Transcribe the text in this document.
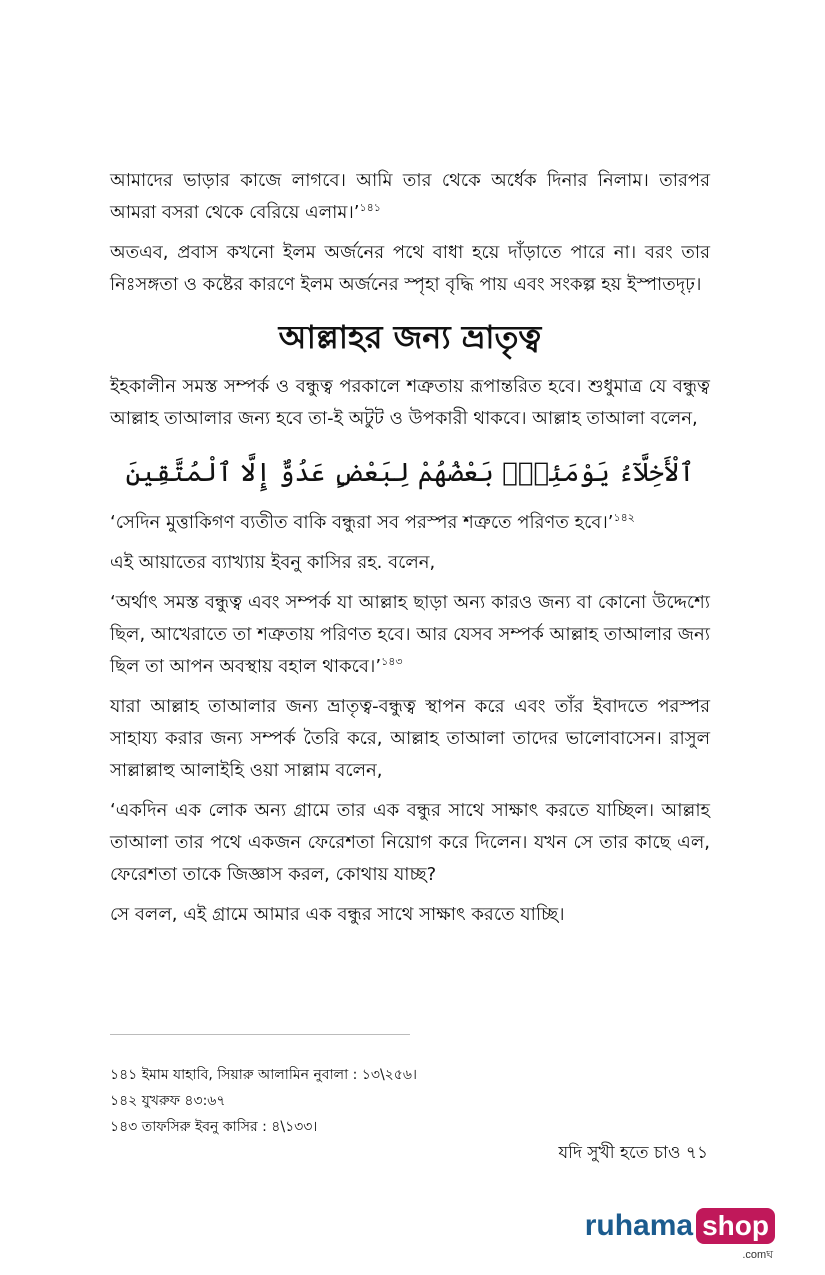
আমাদের ভাড়ার কাজে লাগবে। আমি তার থেকে অর্ধেক দিনার নিলাম। তারপর আমরা বসরা থেকে বেরিয়ে এলাম।’$^{১৪১}$

অতএব, প্রবাস কখনো ইলম অর্জনের পথে বাধা হয়ে দাঁড়াতে পারে না। বরং তার নিঃসঙ্গতা ও কষ্টের কারণে ইলম অর্জনের স্পৃহা বৃদ্ধি পায় এবং সংকল্প হয় ইস্পাতদৃঢ়।

আল্লাহর জন্য ভ্রাতৃত্ব

ইহকালীন সমস্ত সম্পর্ক ও বন্ধুত্ব পরকালে শত্রুতায় রূপান্তরিত হবে। শুধুমাত্র যে বন্ধুত্ব আল্লাহ তাআলার জন্য হবে তা-ই অটুট ও উপকারী থাকবে। আল্লাহ তাআলা বলেন,

ٱلْأَخِلَّآءُ يَوْمَئِذٍۭ بَعْضُهُمْ لِبَعْضٍ عَدُوٌّ إِلَّا ٱلْمُتَّقِينَ

‘সেদিন মুত্তাকিগণ ব্যতীত বাকি বন্ধুরা সব পরস্পর শত্রুতে পরিণত হবে।’$^{১৪২}$

এই আয়াতের ব্যাখ্যায় ইবনু কাসির রহ. বলেন,

‘অর্থাৎ সমস্ত বন্ধুত্ব এবং সম্পর্ক যা আল্লাহ ছাড়া অন্য কারও জন্য বা কোনো উদ্দেশ্যে ছিল, আখেরাতে তা শত্রুতায় পরিণত হবে। আর যেসব সম্পর্ক আল্লাহ তাআলার জন্য ছিল তা আপন অবস্থায় বহাল থাকবে।’$^{১৪৩}$

যারা আল্লাহ তাআলার জন্য ভ্রাতৃত্ব-বন্ধুত্ব স্থাপন করে এবং তাঁর ইবাদতে পরস্পর সাহায্য করার জন্য সম্পর্ক তৈরি করে, আল্লাহ তাআলা তাদের ভালোবাসেন। রাসুল সাল্লাল্লাহু আলাইহি ওয়া সাল্লাম বলেন,

‘একদিন এক লোক অন্য গ্রামে তার এক বন্ধুর সাথে সাক্ষাৎ করতে যাচ্ছিল। আল্লাহ তাআলা তার পথে একজন ফেরেশতা নিয়োগ করে দিলেন। যখন সে তার কাছে এল, ফেরেশতা তাকে জিজ্ঞাস করল, কোথায় যাচ্ছ?

সে বলল, এই গ্রামে আমার এক বন্ধুর সাথে সাক্ষাৎ করতে যাচ্ছি।

১৪১ ইমাম যাহাবি, সিয়ারু আলামিন নুবালা : ১৩\২৫৬।
১৪২ যুখরুফ ৪৩:৬৭
১৪৩ তাফসিরু ইবনু কাসির : ৪\১৩৩।
যদি সুখী হতে চাও ৭১
ruhama shop
.comঘ
